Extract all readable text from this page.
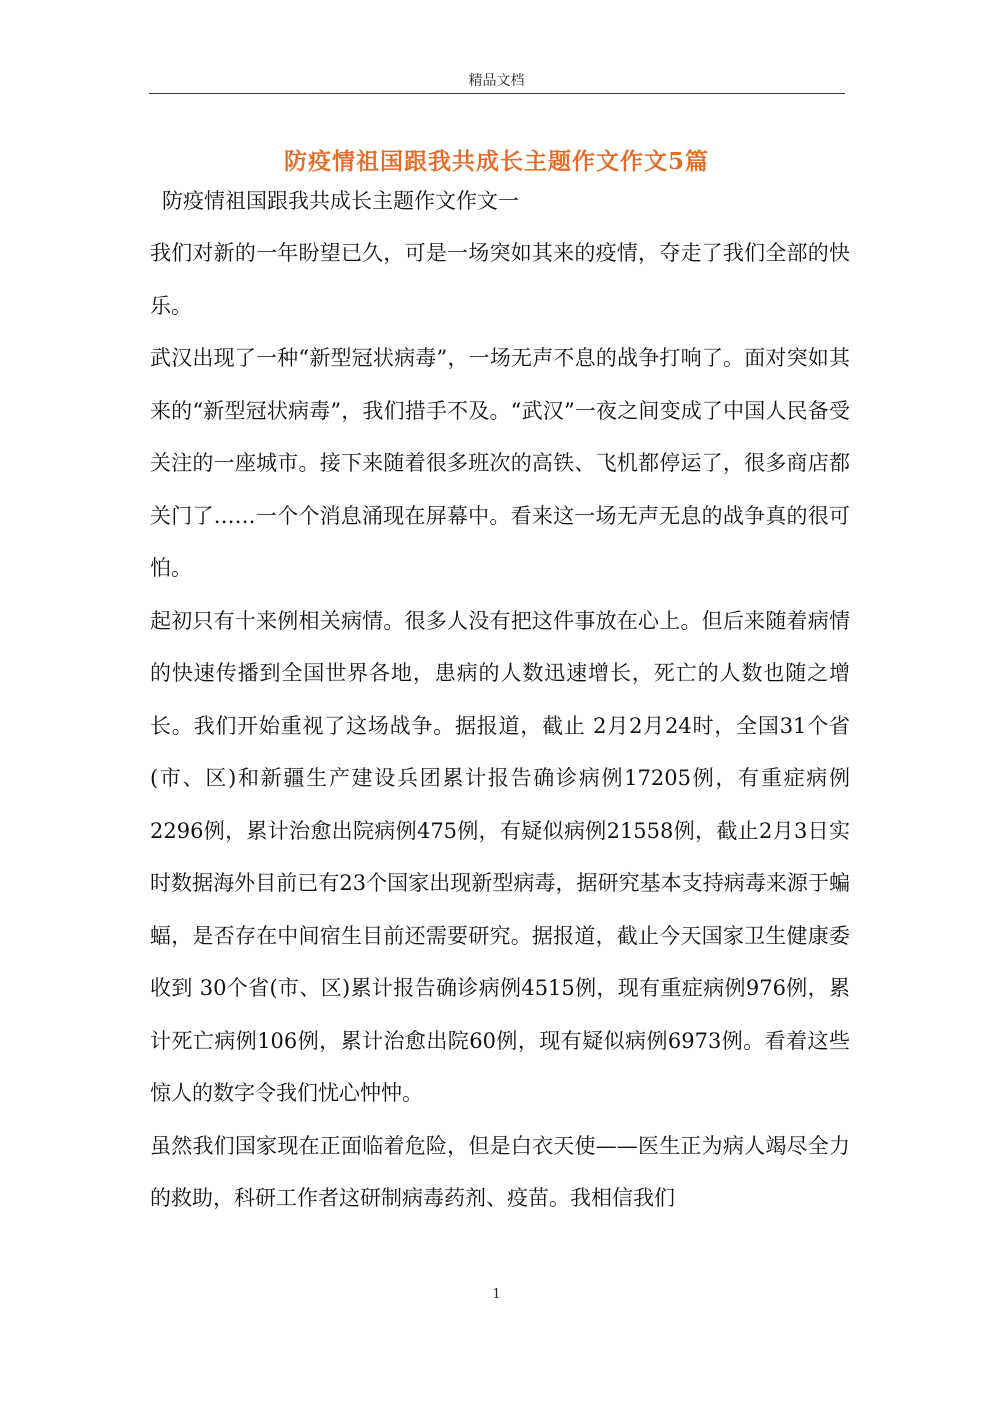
精品文档
防疫情祖国跟我共成长主题作文作文5篇

防疫情祖国跟我共成长主题作文作文一

我们对新的一年盼望已久，可是一场突如其来的疫情，夺走了我们全部的快乐。

武汉出现了一种“新型冠状病毒”，一场无声不息的战争打响了。面对突如其来的“新型冠状病毒”，我们措手不及。“武汉”一夜之间变成了中国人民备受关注的一座城市。接下来随着很多班次的高铁、飞机都停运了，很多商店都关门了……一个个消息涌现在屏幕中。看来这一场无声无息的战争真的很可怕。

起初只有十来例相关病情。很多人没有把这件事放在心上。但后来随着病情的快速传播到全国世界各地，患病的人数迅速增长，死亡的人数也随之增长。我们开始重视了这场战争。据报道，截止 2月2月24时，全国31个省(市、区)和新疆生产建设兵团累计报告确诊病例17205例，有重症病例2296例，累计治愈出院病例475例，有疑似病例21558例，截止2月3日实时数据海外目前已有23个国家出现新型病毒，据研究基本支持病毒来源于蝙蝠，是否存在中间宿生目前还需要研究。据报道，截止今天国家卫生健康委收到 30个省(市、区)累计报告确诊病例4515例，现有重症病例976例，累计死亡病例106例，累计治愈出院60例，现有疑似病例6973例。看着这些惊人的数字令我们忧心忡忡。

虽然我们国家现在正面临着危险，但是白衣天使——医生正为病人竭尽全力的救助，科研工作者这研制病毒药剂、疫苗。我相信我们

1
